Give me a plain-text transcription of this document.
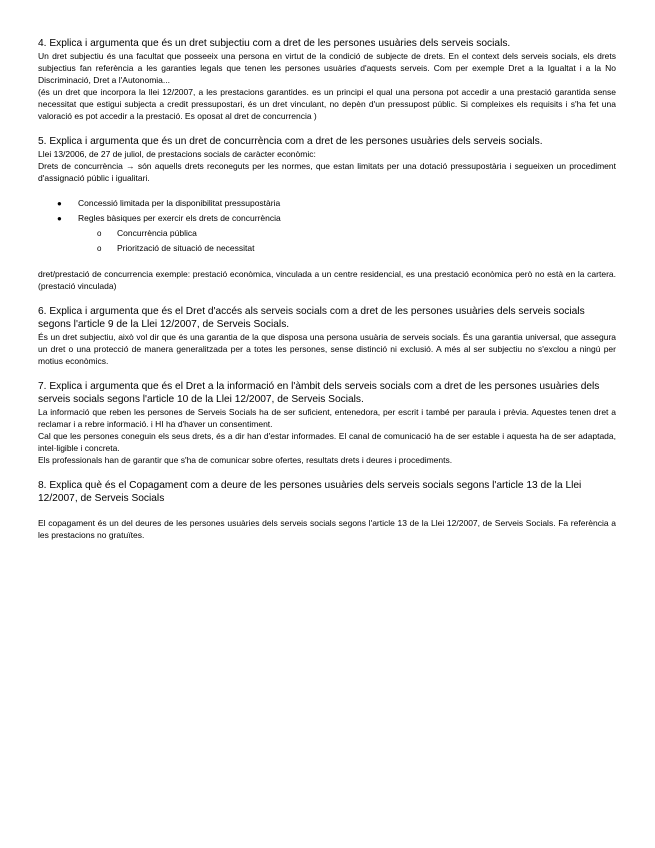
4. Explica i argumenta que és un dret subjectiu com a dret de les persones usuàries dels serveis socials.

Un dret subjectiu és una facultat que posseeix una persona en virtut de la condició de subjecte de drets. En el context dels serveis socials, els drets subjectius fan referència a les garanties legals que tenen les persones usuàries d'aquests serveis. Com per exemple Dret a la Igualtat i a la No Discriminació, Dret a l'Autonomia...

(és un dret que incorpora la llei 12/2007, a les prestacions garantides. es un principi el qual una persona pot accedir a una prestació garantida sense necessitat que estigui subjecta a credit pressupostari, és un dret vinculant, no depèn d'un pressupost públic. Si compleixes els requisits i s'ha fet una valoració es pot accedir a la prestació. Es oposat al dret de concurrencia )

5. Explica i argumenta que és un dret de concurrència com a dret de les persones usuàries dels serveis socials.

Llei 13/2006, de 27 de juliol, de prestacions socials de caràcter econòmic:

Drets de concurrència → són aquells drets reconeguts per les normes, que estan limitats per una dotació pressupostària i segueixen un procediment d'assignació públic i igualitari.

● Concessió limitada per la disponibilitat pressupostària
● Regles bàsiques per exercir els drets de concurrència
o Concurrència pública
o Priorització de situació de necessitat

dret/prestació de concurrencia exemple: prestació econòmica, vinculada a un centre residencial, es una prestació econòmica però no està en la cartera. (prestació vinculada)

6. Explica i argumenta que és el Dret d'accés als serveis socials com a dret de les persones usuàries dels serveis socials segons l'article 9 de la Llei 12/2007, de Serveis Socials.

És un dret subjectiu, això vol dir que és una garantia de la que disposa una persona usuària de serveis socials. És una garantia universal, que assegura un dret o una protecció de manera generalitzada per a totes les persones, sense distinció ni exclusió. A més al ser subjectiu no s'exclou a ningú per motius econòmics.

7. Explica i argumenta que és el Dret a la informació en l'àmbit dels serveis socials com a dret de les persones usuàries dels serveis socials segons l'article 10 de la Llei 12/2007, de Serveis Socials.

La informació que reben les persones de Serveis Socials ha de ser suficient, entenedora, per escrit i també per paraula i prèvia. Aquestes tenen dret a reclamar i a rebre informació. i HI ha d'haver un consentiment.

Cal que les persones coneguin els seus drets, és a dir han d'estar informades. El canal de comunicació ha de ser estable i aquesta ha de ser adaptada, intel·ligible i concreta.

Els professionals han de garantir que s'ha de comunicar sobre ofertes, resultats drets i deures i procediments.

8. Explica què és el Copagament com a deure de les persones usuàries dels serveis socials segons l'article 13 de la Llei 12/2007, de Serveis Socials

El copagament és un del deures de les persones usuàries dels serveis socials segons l'article 13 de la Llei 12/2007, de Serveis Socials. Fa referència a les prestacions no gratuïtes.
